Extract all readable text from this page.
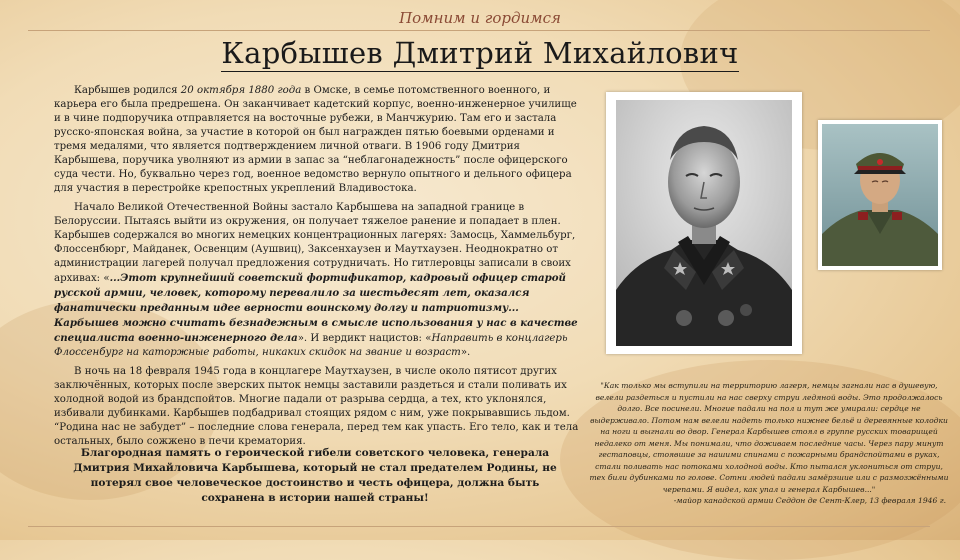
Помним и гордимся
Карбышев Дмитрий Михайлович

Карбышев родился 20 октября 1880 года в Омске, в семье потомственного военного, и карьера его была предрешена. Он заканчивает кадетский корпус, военно-инженерное училище и в чине подпоручика отправляется на восточные рубежи, в Манчжурию. Там его и застала русско-японская война, за участие в которой он был награжден пятью боевыми орденами и тремя медалями, что является подтверждением личной отваги. В 1906 году Дмитрия Карбышева, поручика уволняют из армии в запас за “неблагонадежность” после офицерского суда чести. Но, буквально через год, военное ведомство вернуло опытного и дельного офицера для участия в перестройке крепостных укреплений Владивостока.

Начало Великой Отечественной Войны застало Карбышева на западной границе в Белоруссии. Пытаясь выйти из окружения, он получает тяжелое ранение и попадает в плен. Карбышев содержался во многих немецких концентрационных лагерях: Замосць, Хаммельбург, Флоссенбюрг, Майданек, Освенцим (Аушвиц), Заксенхаузен и Маутхаузен. Неоднократно от администрации лагерей получал предложения сотрудничать. Но гитлеровцы записали в своих архивах: «...Этот крупнейший советский фортификатор, кадровый офицер старой русской армии, человек, которому перевалило за шестьдесят лет, оказался фанатически преданным идее верности воинскому долгу и патриотизму... Карбышев можно считать безнадежным в смысле использования у нас в качестве специалиста военно-инженерного дела». И вердикт нацистов: «Направить в концлагерь Флоссенбург на каторжные работы, никаких скидок на звание и возраст».

В ночь на 18 февраля 1945 года в концлагере Маутхаузен, в числе около пятисот других заключённых, которых после зверских пыток немцы заставили раздеться и стали поливать их холодной водой из брандспойтов. Многие падали от разрыва сердца, а тех, кто уклонялся, избивали дубинками. Карбышев подбадривал стоящих рядом с ним, уже покрывавшись льдом. “Родина нас не забудет” – последние слова генерала, перед тем как упасть. Его тело, как и тела остальных, было сожжено в печи крематория.

Благородная память о героической гибели советского человека, генерала Дмитрия Михайловича Карбышева, который не стал предателем Родины, не потерял свое человеческое достоинство и честь офицера, должна быть сохранена в истории нашей страны!
"Как только мы вступили на территорию лагеря, немцы загнали нас в душевую, велели раздеться и пустили на нас сверху струи ледяной воды. Это продолжалось долго. Все посинели. Многие падали на пол и тут же умирали: сердце не выдерживало. Потом нам велели надеть только нижнее бельё и деревянные колодки на ноги и выгнали во двор. Генерал Карбышев стоял в группе русских товарищей недалеко от меня. Мы понимали, что доживаем последние часы. Через пару минут гестаповцы, стоявшие за нашими спинами с пожарными брандспойтами в руках, стали поливать нас потоками холодной воды. Кто пытался уклониться от струи, тех били дубинками по голове. Сотни людей падали замёрзшие или с размозжёнными черепами. Я видел, как упал и генерал Карбышев..."
-майор канадской армии Седдон де Сент-Клер, 13 февраля 1946 г.
